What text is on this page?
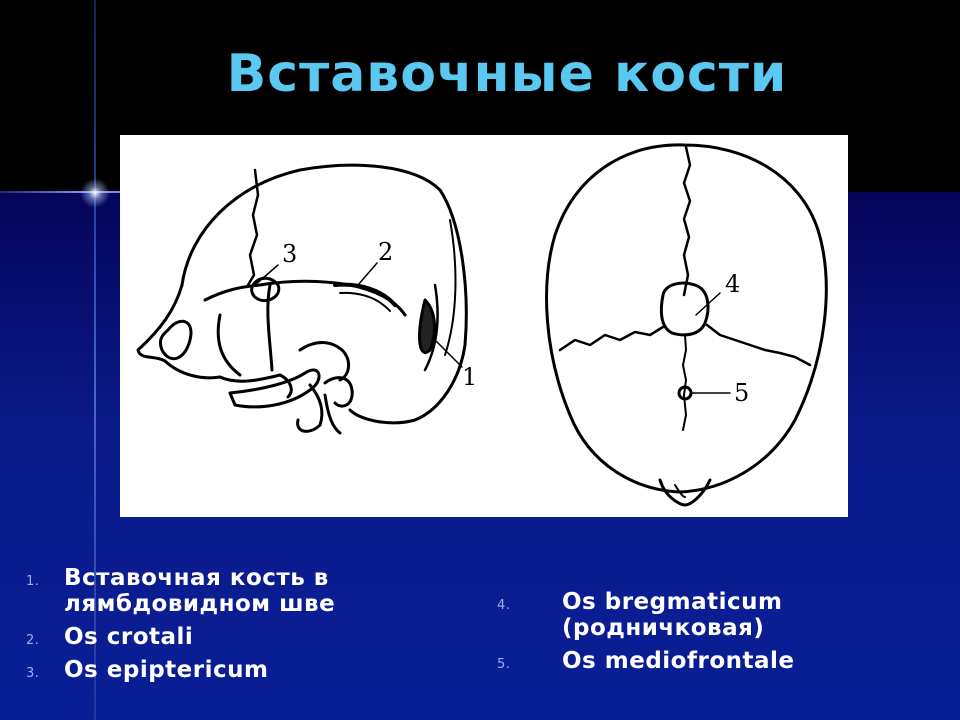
Вставочные кости
3	2
1
4
5
1. Вставочная кость в лямбдовидном шве
2. Os crotali
3. Os epiptericum
4. Os bregmaticum (родничковая)
5. Os mediofrontale
